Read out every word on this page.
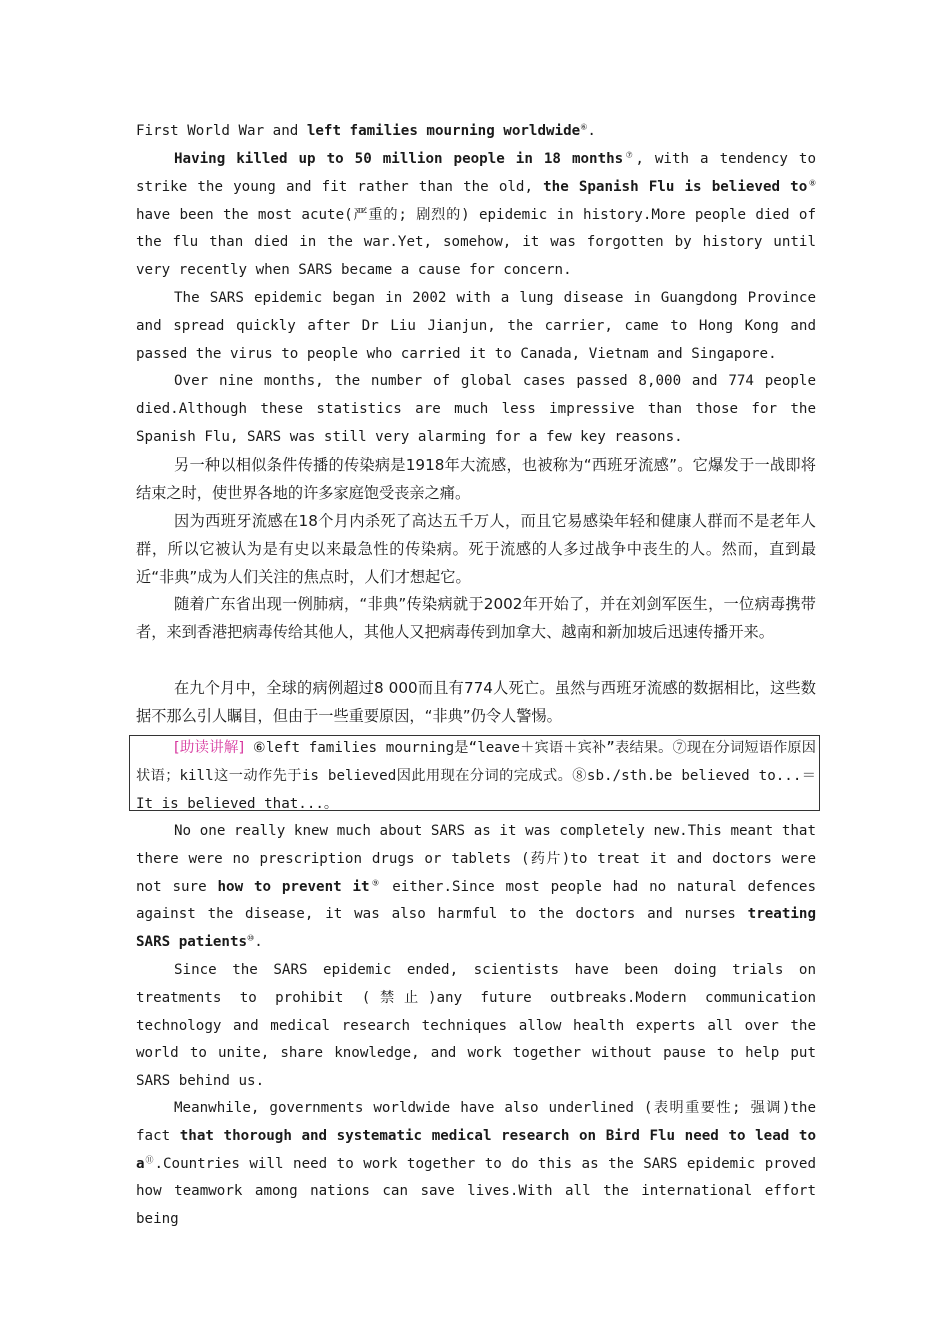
First World War and left families mourning worldwide⑥.
Having killed up to 50 million people in 18 months⑦, with a tendency to strike the young and fit rather than the old, the Spanish Flu is believed to⑧ have been the most acute(严重的; 剧烈的) epidemic in history.More people died of the flu than died in the war.Yet, somehow, it was forgotten by history until very recently when SARS became a cause for concern.
The SARS epidemic began in 2002 with a lung disease in Guangdong Province and spread quickly after Dr Liu Jianjun, the carrier, came to Hong Kong and passed the virus to people who carried it to Canada, Vietnam and Singapore.
Over nine months, the number of global cases passed 8,000 and 774 people died.Although these statistics are much less impressive than those for the Spanish Flu, SARS was still very alarming for a few key reasons.
另一种以相似条件传播的传染病是1918年大流感，也被称为“西班牙流感”。它爆发于一战即将结束之时，使世界各地的许多家庭饱受丧亲之痛。
因为西班牙流感在18个月内杀死了高达五千万人，而且它易感染年轻和健康人群而不是老年人群，所以它被认为是有史以来最急性的传染病。死于流感的人多过战争中丧生的人。然而，直到最近“非典”成为人们关注的焦点时，人们才想起它。
随着广东省出现一例肺病，“非典”传染病就于2002年开始了，并在刘剑军医生，一位病毒携带者，来到香港把病毒传给其他人，其他人又把病毒传到加拿大、越南和新加坡后迅速传播开来。
在九个月中，全球的病例超过8 000而且有774人死亡。虽然与西班牙流感的数据相比，这些数据不那么引人瞩目，但由于一些重要原因，“非典”仍令人警惕。
[助读讲解] ⑥left families mourning是“leave＋宾语＋宾补”表结果。⑦现在分词短语作原因状语；kill这一动作先于is believed因此用现在分词的完成式。⑧sb./sth.be believed to...＝It is believed that...。
No one really knew much about SARS as it was completely new.This meant that there were no prescription drugs or tablets (药片)to treat it and doctors were not sure how to prevent it⑨ either.Since most people had no natural defences against the disease, it was also harmful to the doctors and nurses treating SARS patients⑩.
Since the SARS epidemic ended, scientists have been doing trials on treatments to prohibit (禁止)any future outbreaks.Modern communication technology and medical research techniques allow health experts all over the world to unite, share knowledge, and work together without pause to help put SARS behind us.
Meanwhile, governments worldwide have also underlined (表明重要性; 强调)the fact that thorough and systematic medical research on Bird Flu need to lead to a⑪.Countries will need to work together to do this as the SARS epidemic proved how teamwork among nations can save lives.With all the international effort being
